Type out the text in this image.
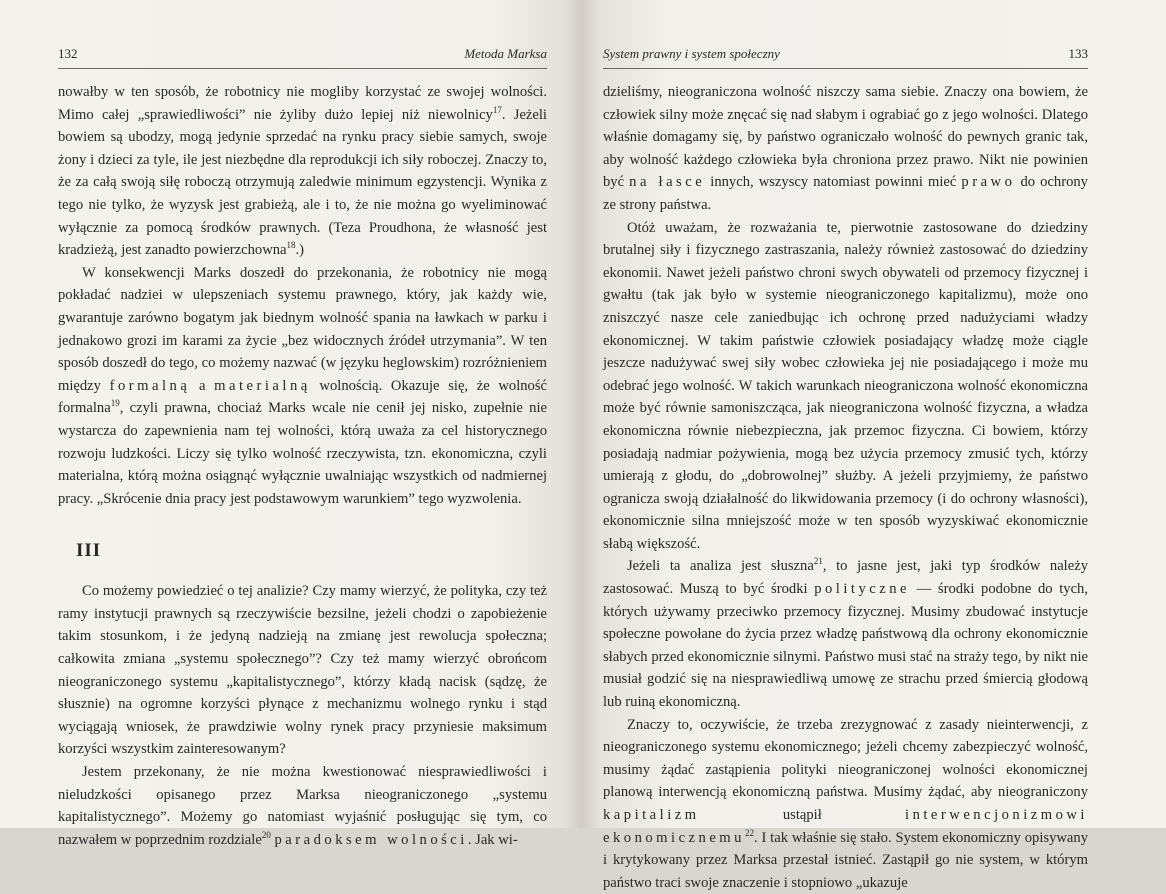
132	Metoda Marksa

nowałby w ten sposób, że robotnicy nie mogliby korzystać ze swojej wolności. Mimo całej „sprawiedliwości” nie żyliby dużo lepiej niż niewolnicy$^{17}$. Jeżeli bowiem są ubodzy, mogą jedynie sprzedać na rynku pracy siebie samych, swoje żony i dzieci za tyle, ile jest niezbędne dla reprodukcji ich siły roboczej. Znaczy to, że za całą swoją siłę roboczą otrzymują zaledwie minimum egzystencji. Wynika z tego nie tylko, że wyzysk jest grabieżą, ale i to, że nie można go wyeliminować wyłącznie za pomocą środków prawnych. (Teza Proudhona, że własność jest kradzieżą, jest zanadto powierzchowna$^{18}$.)

W konsekwencji Marks doszedł do przekonania, że robotnicy nie mogą pokładać nadziei w ulepszeniach systemu prawnego, który, jak każdy wie, gwarantuje zarówno bogatym jak biednym wolność spania na ławkach w parku i jednakowo grozi im karami za życie „bez widocznych źródeł utrzymania”. W ten sposób doszedł do tego, co możemy nazwać (w języku heglowskim) rozróżnieniem między formalną a materialną wolnością. Okazuje się, że wolność formalna$^{19}$, czyli prawna, chociaż Marks wcale nie cenił jej nisko, zupełnie nie wystarcza do zapewnienia nam tej wolności, którą uważa za cel historycznego rozwoju ludzkości. Liczy się tylko wolność rzeczywista, tzn. ekonomiczna, czyli materialna, którą można osiągnąć wyłącznie uwalniając wszystkich od nadmiernej pracy. „Skrócenie dnia pracy jest podstawowym warunkiem” tego wyzwolenia.

III

Co możemy powiedzieć o tej analizie? Czy mamy wierzyć, że polityka, czy też ramy instytucji prawnych są rzeczywiście bezsilne, jeżeli chodzi o zapobieżenie takim stosunkom, i że jedyną nadzieją na zmianę jest rewolucja społeczna; całkowita zmiana „systemu społecznego”? Czy też mamy wierzyć obrońcom nieograniczonego systemu „kapitalistycznego”, którzy kładą nacisk (sądzę, że słusznie) na ogromne korzyści płynące z mechanizmu wolnego rynku i stąd wyciągają wniosek, że prawdziwie wolny rynek pracy przyniesie maksimum korzyści wszystkim zainteresowanym?

Jestem przekonany, że nie można kwestionować niesprawiedliwości i nieludzkości opisanego przez Marksa nieograniczonego „systemu kapitalistycznego”. Możemy go natomiast wyjaśnić posługując się tym, co nazwałem w poprzednim rozdziale$^{20}$ paradoksem wolności. Jak wi-

System prawny i system społeczny	133

dzieliśmy, nieograniczona wolność niszczy sama siebie. Znaczy ona bowiem, że człowiek silny może znęcać się nad słabym i ograbiać go z jego wolności. Dlatego właśnie domagamy się, by państwo ograniczało wolność do pewnych granic tak, aby wolność każdego człowieka była chroniona przez prawo. Nikt nie powinien być na łasce innych, wszyscy natomiast powinni mieć prawo do ochrony ze strony państwa.

Otóż uważam, że rozważania te, pierwotnie zastosowane do dziedziny brutalnej siły i fizycznego zastraszania, należy również zastosować do dziedziny ekonomii. Nawet jeżeli państwo chroni swych obywateli od przemocy fizycznej i gwałtu (tak jak było w systemie nieograniczonego kapitalizmu), może ono zniszczyć nasze cele zaniedbując ich ochronę przed nadużyciami władzy ekonomicznej. W takim państwie człowiek posiadający władzę może ciągle jeszcze nadużywać swej siły wobec człowieka jej nie posiadającego i może mu odebrać jego wolność. W takich warunkach nieograniczona wolność ekonomiczna może być równie samoniszcząca, jak nieograniczona wolność fizyczna, a władza ekonomiczna równie niebezpieczna, jak przemoc fizyczna. Ci bowiem, którzy posiadają nadmiar pożywienia, mogą bez użycia przemocy zmusić tych, którzy umierają z głodu, do „dobrowolnej” służby. A jeżeli przyjmiemy, że państwo ogranicza swoją działalność do likwidowania przemocy (i do ochrony własności), ekonomicznie silna mniejszość może w ten sposób wyzyskiwać ekonomicznie słabą większość.

Jeżeli ta analiza jest słuszna$^{21}$, to jasne jest, jaki typ środków należy zastosować. Muszą to być środki polityczne — środki podobne do tych, których używamy przeciwko przemocy fizycznej. Musimy zbudować instytucje społeczne powołane do życia przez władzę państwową dla ochrony ekonomicznie słabych przed ekonomicznie silnymi. Państwo musi stać na straży tego, by nikt nie musiał godzić się na niesprawiedliwą umowę ze strachu przed śmiercią głodową lub ruiną ekonomiczną.

Znaczy to, oczywiście, że trzeba zrezygnować z zasady nieinterwencji, z nieograniczonego systemu ekonomicznego; jeżeli chcemy zabezpieczyć wolność, musimy żądać zastąpienia polityki nieograniczonej wolności ekonomicznej planową interwencją ekonomiczną państwa. Musimy żądać, aby nieograniczony kapitalizm ustąpił interwencjonizmowi ekonomicznemu$^{22}$. I tak właśnie się stało. System ekonomiczny opisywany i krytykowany przez Marksa przestał istnieć. Zastąpił go nie system, w którym państwo traci swoje znaczenie i stopniowo „ukazuje
